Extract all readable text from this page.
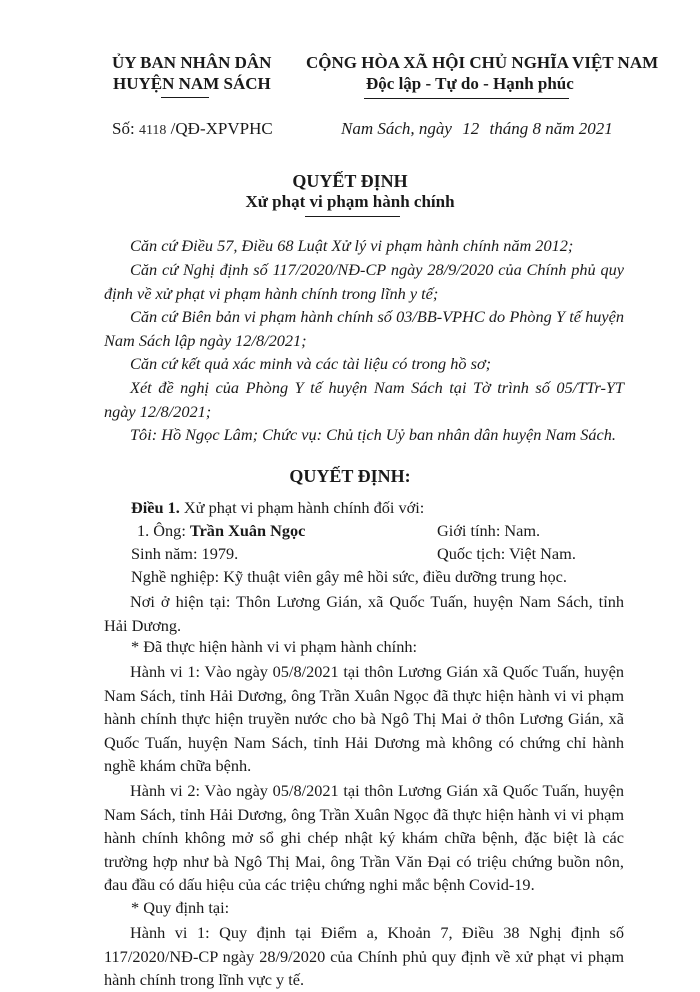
ỦY BAN NHÂN DÂN
HUYỆN NAM SÁCH
CỘNG HÒA XÃ HỘI CHỦ NGHĨA VIỆT NAM
Độc lập - Tự do - Hạnh phúc
Số: 4118 /QĐ-XPVPHC	Nam Sách, ngày 12 tháng 8 năm 2021
QUYẾT ĐỊNH
Xử phạt vi phạm hành chính
Căn cứ Điều 57, Điều 68 Luật Xử lý vi phạm hành chính năm 2012;
Căn cứ Nghị định số 117/2020/NĐ-CP ngày 28/9/2020 của Chính phủ quy định về xử phạt vi phạm hành chính trong lĩnh y tế;
Căn cứ Biên bản vi phạm hành chính số 03/BB-VPHC do Phòng Y tế huyện Nam Sách lập ngày 12/8/2021;
Căn cứ kết quả xác minh và các tài liệu có trong hồ sơ;
Xét đề nghị của Phòng Y tế huyện Nam Sách tại Tờ trình số 05/TTr-YT ngày 12/8/2021;
Tôi: Hồ Ngọc Lâm; Chức vụ: Chủ tịch Uỷ ban nhân dân huyện Nam Sách.
QUYẾT ĐỊNH:
Điều 1. Xử phạt vi phạm hành chính đối với:
1. Ông: Trần Xuân Ngọc	Giới tính: Nam.
Sinh năm: 1979.	Quốc tịch: Việt Nam.
Nghề nghiệp: Kỹ thuật viên gây mê hồi sức, điều dưỡng trung học.
Nơi ở hiện tại: Thôn Lương Gián, xã Quốc Tuấn, huyện Nam Sách, tỉnh Hải Dương.
* Đã thực hiện hành vi vi phạm hành chính:
Hành vi 1: Vào ngày 05/8/2021 tại thôn Lương Gián xã Quốc Tuấn, huyện Nam Sách, tỉnh Hải Dương, ông Trần Xuân Ngọc đã thực hiện hành vi vi phạm hành chính thực hiện truyền nước cho bà Ngô Thị Mai ở thôn Lương Gián, xã Quốc Tuấn, huyện Nam Sách, tỉnh Hải Dương mà không có chứng chỉ hành nghề khám chữa bệnh.
Hành vi 2: Vào ngày 05/8/2021 tại thôn Lương Gián xã Quốc Tuấn, huyện Nam Sách, tỉnh Hải Dương, ông Trần Xuân Ngọc đã thực hiện hành vi vi phạm hành chính không mở sổ ghi chép nhật ký khám chữa bệnh, đặc biệt là các trường hợp như bà Ngô Thị Mai, ông Trần Văn Đại có triệu chứng buồn nôn, đau đầu có dấu hiệu của các triệu chứng nghi mắc bệnh Covid-19.
* Quy định tại:
Hành vi 1: Quy định tại Điểm a, Khoản 7, Điều 38 Nghị định số 117/2020/NĐ-CP ngày 28/9/2020 của Chính phủ quy định về xử phạt vi phạm hành chính trong lĩnh vực y tế.
